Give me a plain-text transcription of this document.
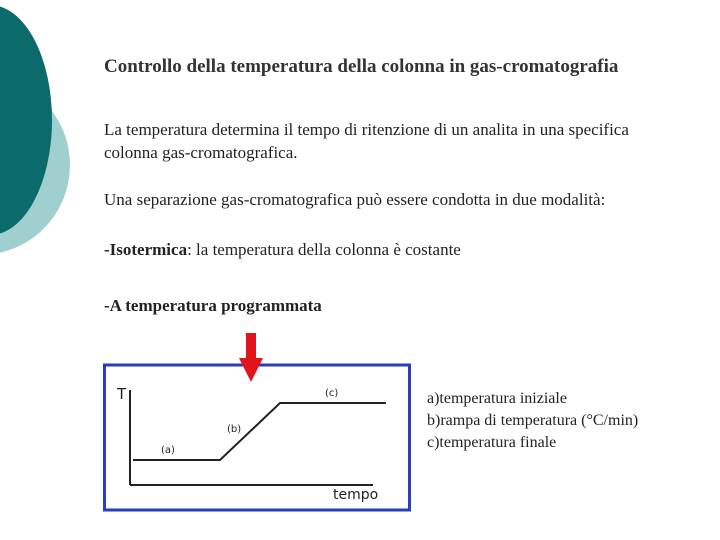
Controllo della temperatura della colonna in gas-cromatografia
La temperatura determina il tempo di ritenzione di un analita in una specifica colonna gas-cromatografica.
Una separazione gas-cromatografica può essere condotta in due modalità:
-Isotermica: la temperatura della colonna è costante
-A temperatura programmata
T
tempo
(a)
(b)
(c)	a)temperatura iniziale
b)rampa di temperatura (°C/min)
c)temperatura finale
